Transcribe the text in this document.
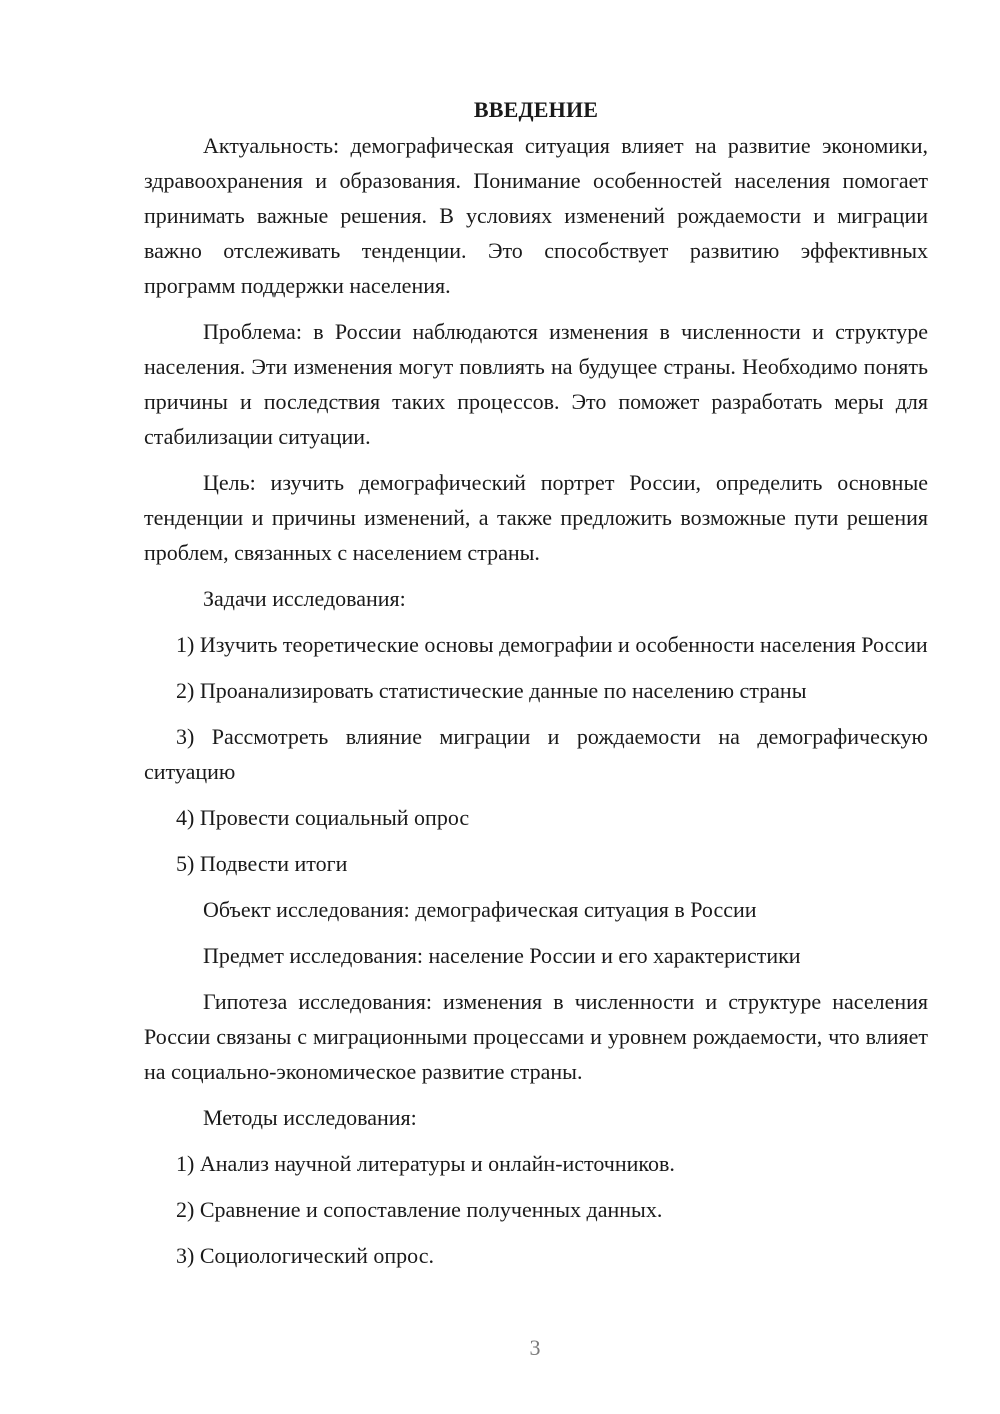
ВВЕДЕНИЕ

Актуальность: демографическая ситуация влияет на развитие экономики, здравоохранения и образования. Понимание особенностей населения помогает принимать важные решения. В условиях изменений рождаемости и миграции важно отслеживать тенденции. Это способствует развитию эффективных программ поддержки населения.

Проблема: в России наблюдаются изменения в численности и структуре населения. Эти изменения могут повлиять на будущее страны. Необходимо понять причины и последствия таких процессов. Это поможет разработать меры для стабилизации ситуации.

Цель: изучить демографический портрет России, определить основные тенденции и причины изменений, а также предложить возможные пути решения проблем, связанных с населением страны.

Задачи исследования:

1) Изучить теоретические основы демографии и особенности населения России

2) Проанализировать статистические данные по населению страны

3) Рассмотреть влияние миграции и рождаемости на демографическую ситуацию

4) Провести социальный опрос

5) Подвести итоги

Объект исследования: демографическая ситуация в России

Предмет исследования: население России и его характеристики

Гипотеза исследования: изменения в численности и структуре населения России связаны с миграционными процессами и уровнем рождаемости, что влияет на социально-экономическое развитие страны.

Методы исследования:

1) Анализ научной литературы и онлайн-источников.

2) Сравнение и сопоставление полученных данных.

3) Социологический опрос.

3
